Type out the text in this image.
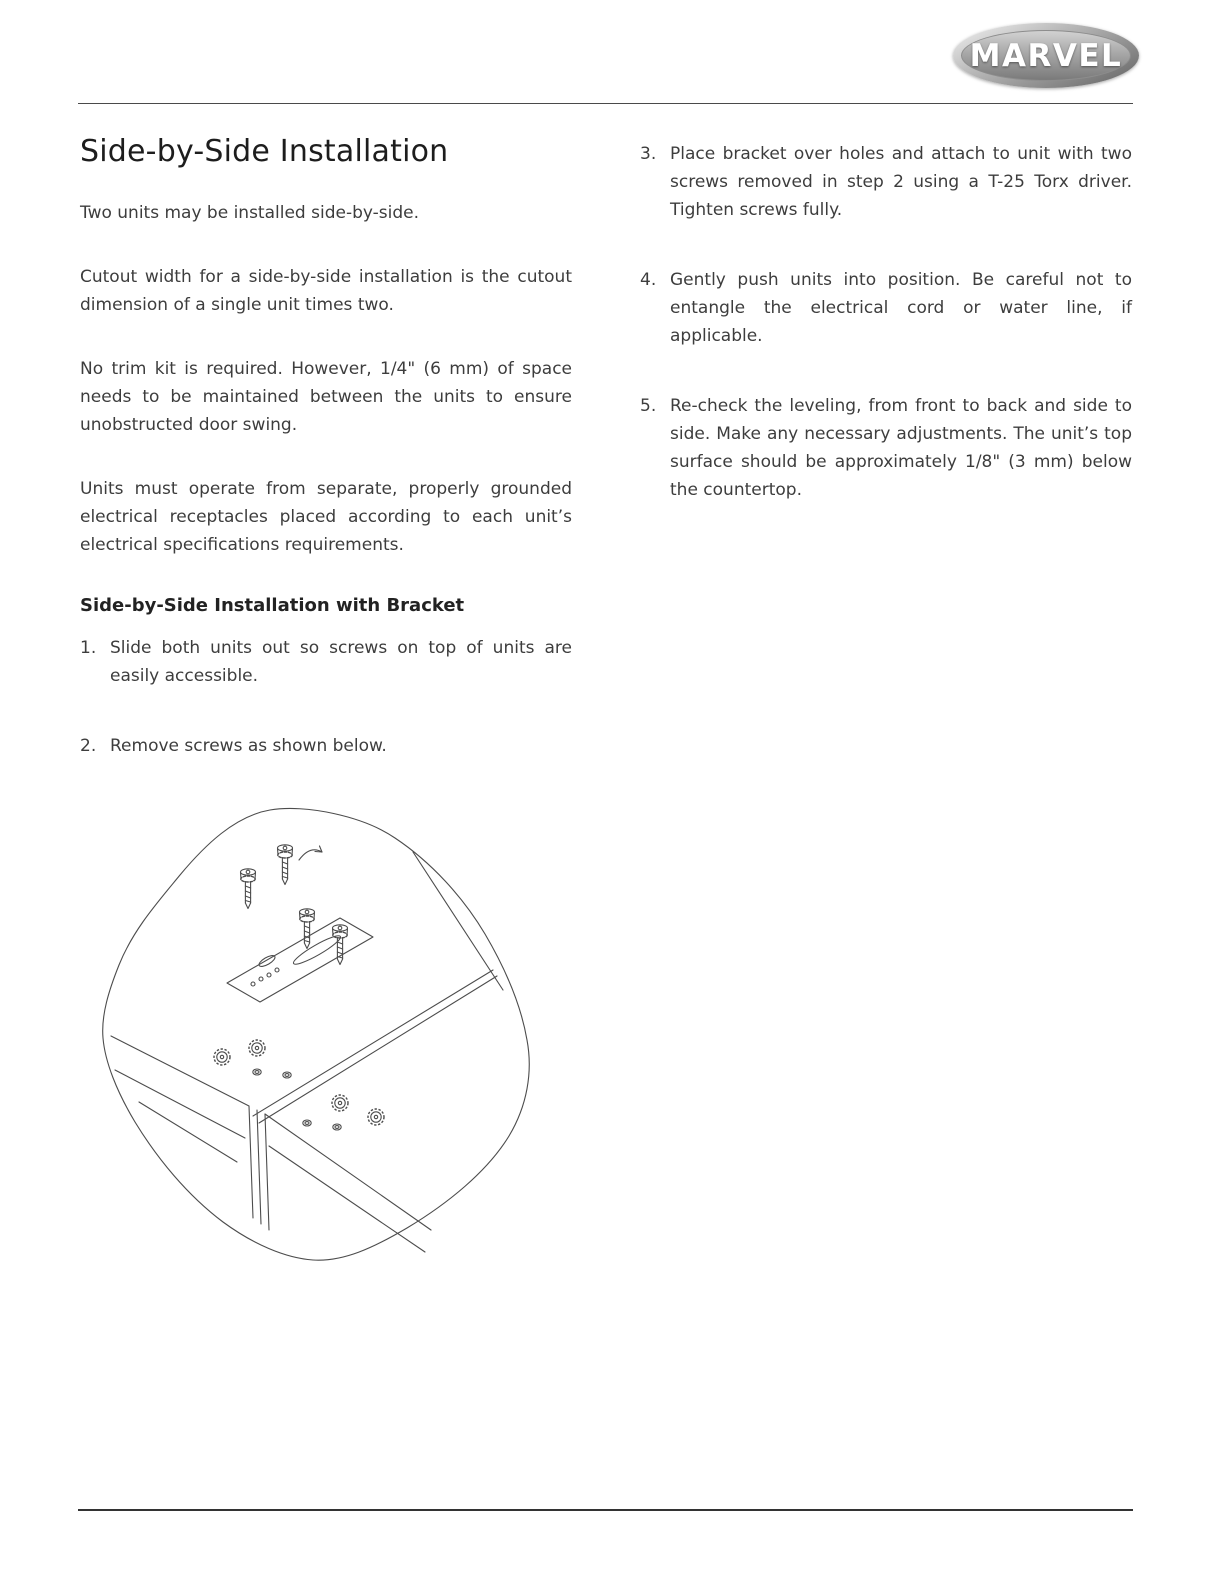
MARVEL
Side-by-Side Installation

Two units may be installed side-by-side.

Cutout width for a side-by-side installation is the cutout dimension of a single unit times two.

No trim kit is required. However, 1/4" (6 mm) of space needs to be maintained between the units to ensure unobstructed door swing.

Units must operate from separate, properly grounded electrical receptacles placed according to each unit’s electrical specifications requirements.

Side-by-Side Installation with Bracket
1. Slide both units out so screws on top of units are easily accessible.
2. Remove screws as shown below.
3. Place bracket over holes and attach to unit with two screws removed in step 2 using a T-25 Torx driver. Tighten screws fully.
4. Gently push units into position. Be careful not to entangle the electrical cord or water line, if applicable.
5. Re-check the leveling, from front to back and side to side. Make any necessary adjustments. The unit’s top surface should be approximately 1/8" (3 mm) below the countertop.
